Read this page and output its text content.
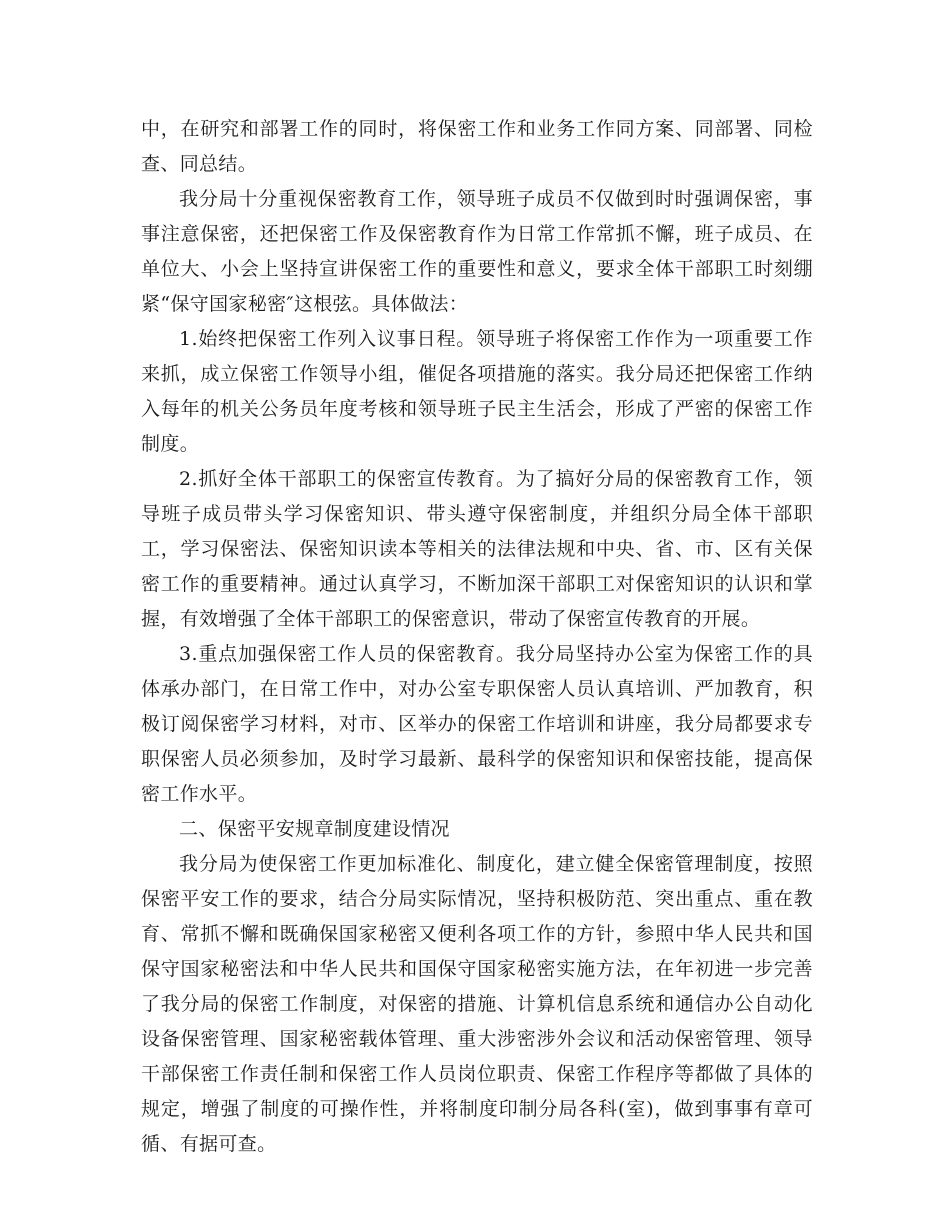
中，在研究和部署工作的同时，将保密工作和业务工作同方案、同部署、同检查、同总结。

我分局十分重视保密教育工作，领导班子成员不仅做到时时强调保密，事事注意保密，还把保密工作及保密教育作为日常工作常抓不懈，班子成员、在单位大、小会上坚持宣讲保密工作的重要性和意义，要求全体干部职工时刻绷紧“保守国家秘密″这根弦。具体做法：

1.始终把保密工作列入议事日程。领导班子将保密工作作为一项重要工作来抓，成立保密工作领导小组，催促各项措施的落实。我分局还把保密工作纳入每年的机关公务员年度考核和领导班子民主生活会，形成了严密的保密工作制度。

2.抓好全体干部职工的保密宣传教育。为了搞好分局的保密教育工作，领导班子成员带头学习保密知识、带头遵守保密制度，并组织分局全体干部职工，学习保密法、保密知识读本等相关的法律法规和中央、省、市、区有关保密工作的重要精神。通过认真学习，不断加深干部职工对保密知识的认识和掌握，有效增强了全体干部职工的保密意识，带动了保密宣传教育的开展。

3.重点加强保密工作人员的保密教育。我分局坚持办公室为保密工作的具体承办部门，在日常工作中，对办公室专职保密人员认真培训、严加教育，积极订阅保密学习材料，对市、区举办的保密工作培训和讲座，我分局都要求专职保密人员必须参加，及时学习最新、最科学的保密知识和保密技能，提高保密工作水平。

二、保密平安规章制度建设情况

我分局为使保密工作更加标准化、制度化，建立健全保密管理制度，按照保密平安工作的要求，结合分局实际情况，坚持积极防范、突出重点、重在教育、常抓不懈和既确保国家秘密又便利各项工作的方针，参照中华人民共和国保守国家秘密法和中华人民共和国保守国家秘密实施方法，在年初进一步完善了我分局的保密工作制度，对保密的措施、计算机信息系统和通信办公自动化设备保密管理、国家秘密载体管理、重大涉密涉外会议和活动保密管理、领导干部保密工作责任制和保密工作人员岗位职责、保密工作程序等都做了具体的规定，增强了制度的可操作性，并将制度印制分局各科(室)，做到事事有章可循、有据可查。
